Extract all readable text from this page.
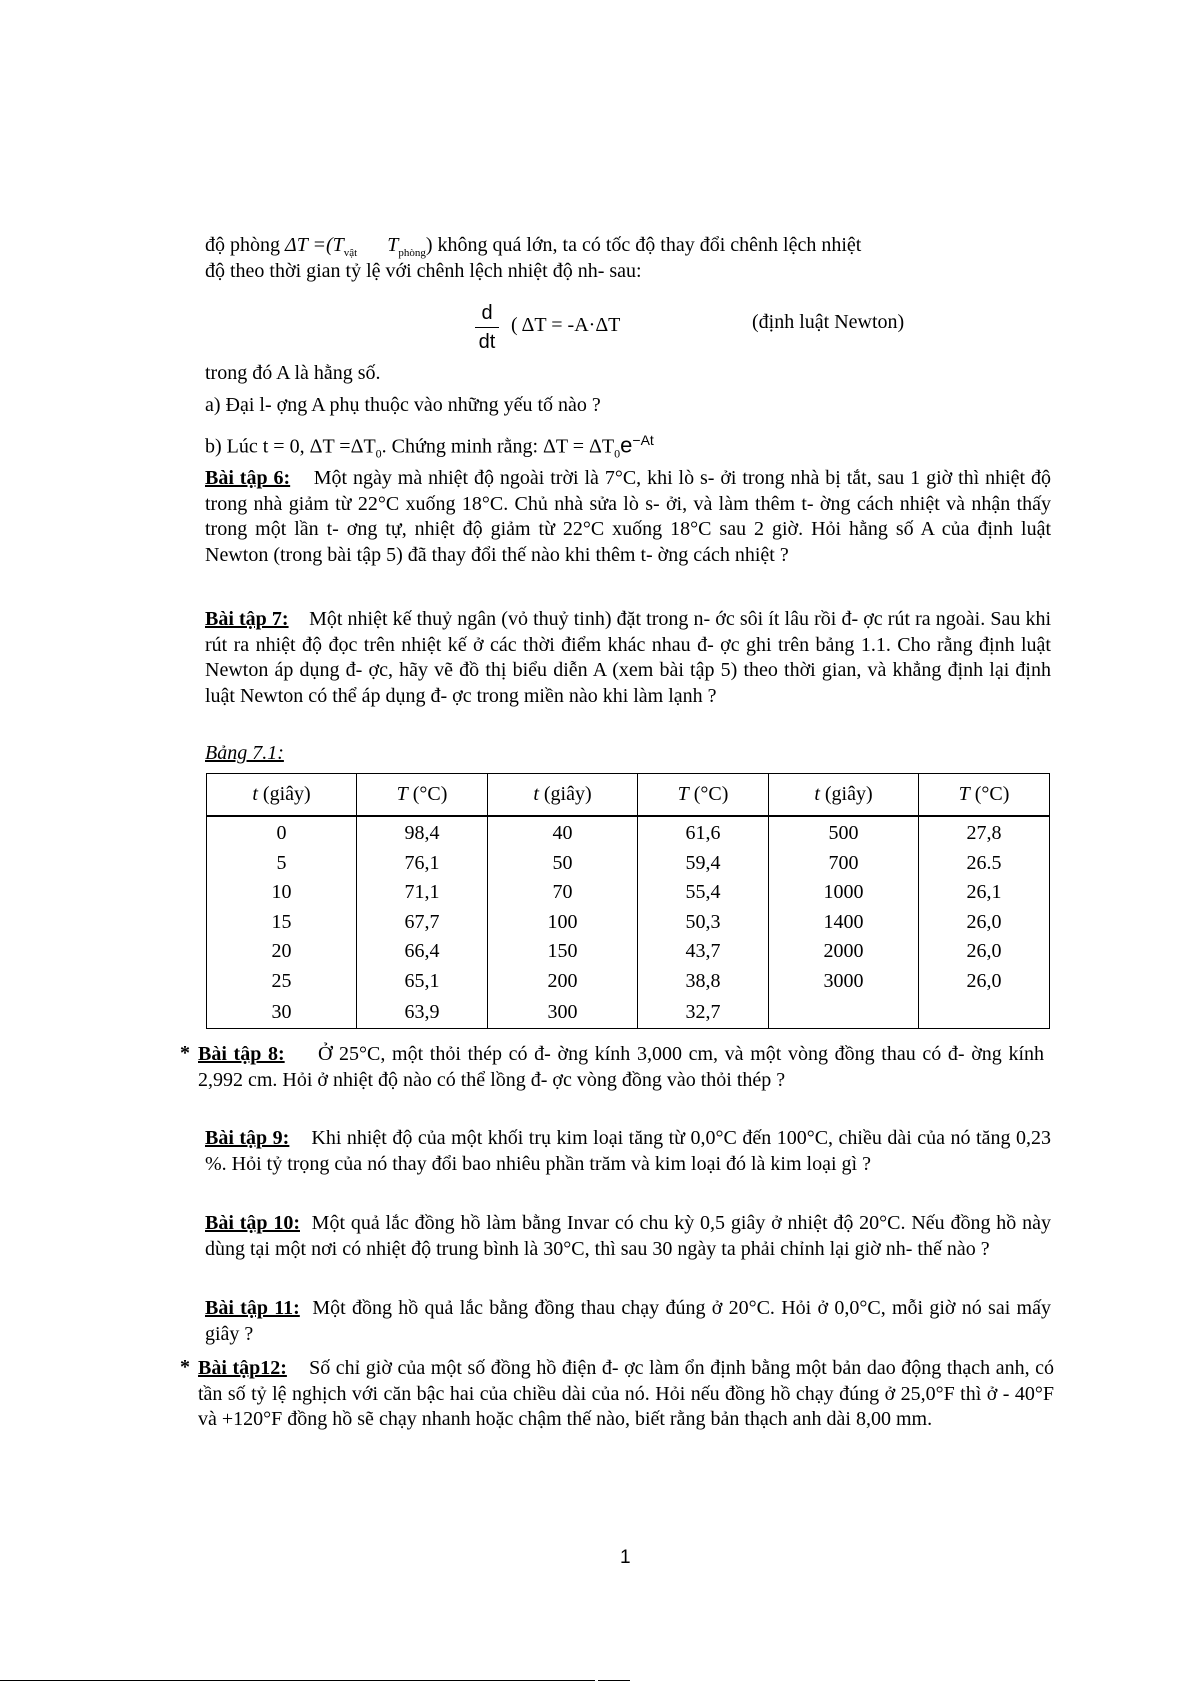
độ phòng $\Delta T =(T_{vật}$ $T_{phòng}$) không quá lớn, ta có tốc độ thay đổi chênh lệch nhiệt
độ theo thời gian tỷ lệ với chênh lệch nhiệt độ nh- sau:
d
dt
( ΔT = -A·ΔT	(định luật Newton)
trong đó A là hằng số.
a) Đại l- ợng A phụ thuộc vào những yếu tố nào ?
b) Lúc t = 0, $\Delta T =\Delta T_0$. Chứng minh rằng: $\Delta T = \Delta T_0e^{-At}$
Bài tập 6: Một ngày mà nhiệt độ ngoài trời là 7°C, khi lò s- ởi trong nhà bị tắt, sau 1 giờ thì nhiệt độ trong nhà giảm từ 22°C xuống 18°C. Chủ nhà sửa lò s- ởi, và làm thêm t- ờng cách nhiệt và nhận thấy trong một lần t- ơng tự, nhiệt độ giảm từ 22°C xuống 18°C sau 2 giờ. Hỏi hằng số A của định luật Newton (trong bài tập 5) đã thay đổi thế nào khi thêm t- ờng cách nhiệt ?
Bài tập 7: Một nhiệt kế thuỷ ngân (vỏ thuỷ tinh) đặt trong n- ớc sôi ít lâu rồi đ- ợc rút ra ngoài. Sau khi rút ra nhiệt độ đọc trên nhiệt kế ở các thời điểm khác nhau đ- ợc ghi trên bảng 1.1. Cho rằng định luật Newton áp dụng đ- ợc, hãy vẽ đồ thị biểu diễn A (xem bài tập 5) theo thời gian, và khẳng định lại định luật Newton có thể áp dụng đ- ợc trong miền nào khi làm lạnh ?
Bảng 7.1:
t (giây)	T (°C)	t (giây)	T (°C)	t (giây)	T (°C)
0	98,4	40	61,6	500	27,8
5	76,1	50	59,4	700	26.5
10	71,1	70	55,4	1000	26,1
15	67,7	100	50,3	1400	26,0
20	66,4	150	43,7	2000	26,0
25	65,1	200	38,8	3000	26,0
30	63,9	300	32,7		
* Bài tập 8: Ở 25°C, một thỏi thép có đ- ờng kính 3,000 cm, và một vòng đồng thau có đ- ờng kính 2,992 cm. Hỏi ở nhiệt độ nào có thể lồng đ- ợc vòng đồng vào thỏi thép ?
Bài tập 9: Khi nhiệt độ của một khối trụ kim loại tăng từ 0,0°C đến 100°C, chiều dài của nó tăng 0,23 %. Hỏi tỷ trọng của nó thay đổi bao nhiêu phần trăm và kim loại đó là kim loại gì ?
Bài tập 10: Một quả lắc đồng hồ làm bằng Invar có chu kỳ 0,5 giây ở nhiệt độ 20°C. Nếu đồng hồ này dùng tại một nơi có nhiệt độ trung bình là 30°C, thì sau 30 ngày ta phải chỉnh lại giờ nh- thế nào ?
Bài tập 11: Một đồng hồ quả lắc bằng đồng thau chạy đúng ở 20°C. Hỏi ở 0,0°C, mỗi giờ nó sai mấy giây ?
* Bài tập12: Số chỉ giờ của một số đồng hồ điện đ- ợc làm ổn định bằng một bản dao động thạch anh, có tần số tỷ lệ nghịch với căn bậc hai của chiều dài của nó. Hỏi nếu đồng hồ chạy đúng ở 25,0°F thì ở - 40°F và +120°F đồng hồ sẽ chạy nhanh hoặc chậm thế nào, biết rằng bản thạch anh dài 8,00 mm.
1
